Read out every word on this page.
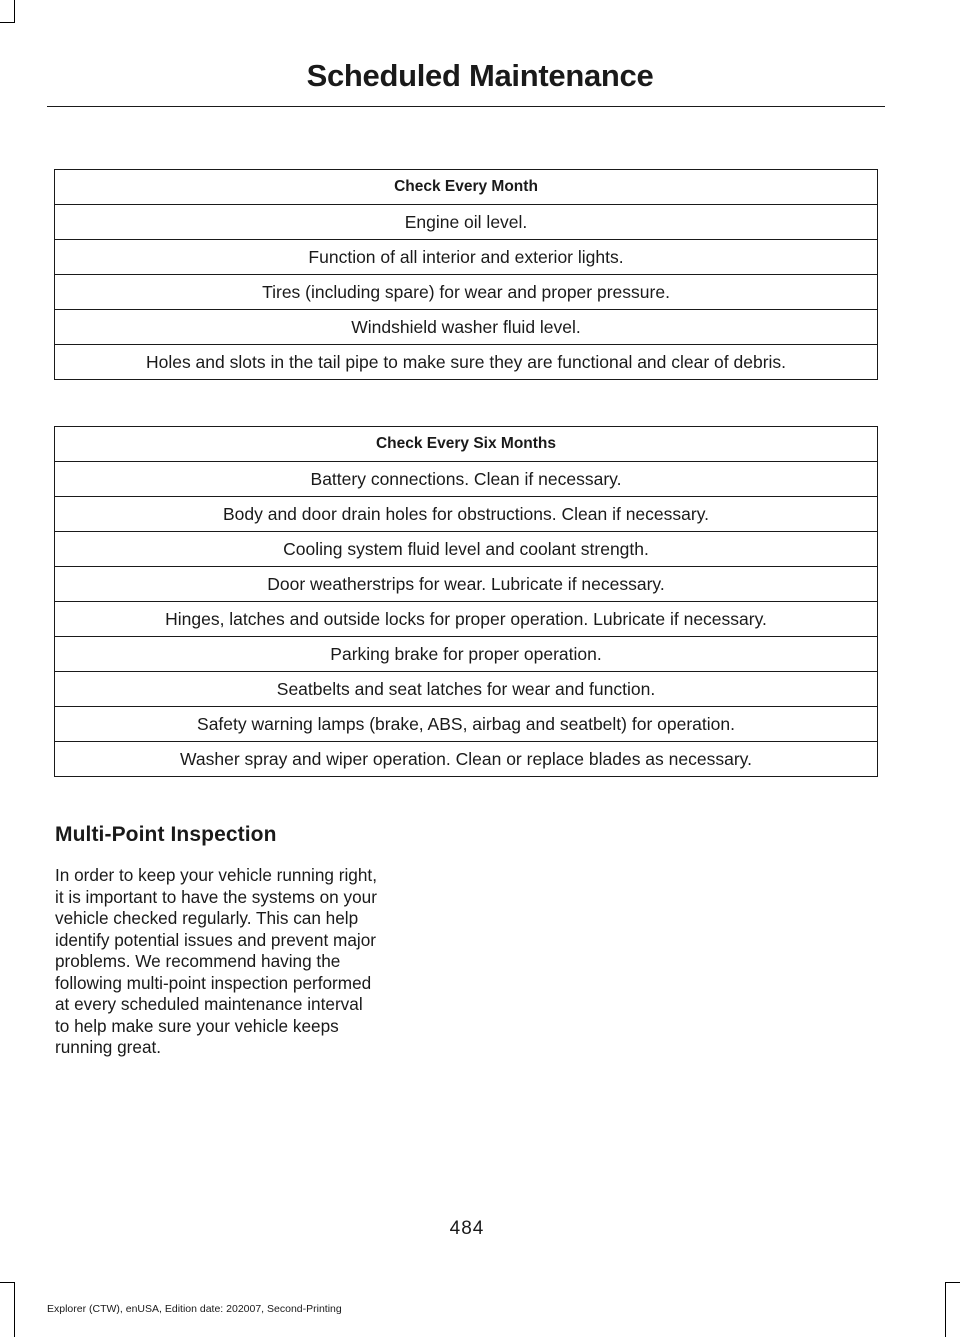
Scheduled Maintenance
Check Every Month
Engine oil level.
Function of all interior and exterior lights.
Tires (including spare) for wear and proper pressure.
Windshield washer fluid level.
Holes and slots in the tail pipe to make sure they are functional and clear of debris.
Check Every Six Months
Battery connections. Clean if necessary.
Body and door drain holes for obstructions. Clean if necessary.
Cooling system fluid level and coolant strength.
Door weatherstrips for wear. Lubricate if necessary.
Hinges, latches and outside locks for proper operation. Lubricate if necessary.
Parking brake for proper operation.
Seatbelts and seat latches for wear and function.
Safety warning lamps (brake, ABS, airbag and seatbelt) for operation.
Washer spray and wiper operation. Clean or replace blades as necessary.
Multi-Point Inspection

In order to keep your vehicle running right,
it is important to have the systems on your
vehicle checked regularly. This can help
identify potential issues and prevent major
problems. We recommend having the
following multi-point inspection performed
at every scheduled maintenance interval
to help make sure your vehicle keeps
running great.

484
Explorer (CTW), enUSA, Edition date: 202007, Second-Printing
